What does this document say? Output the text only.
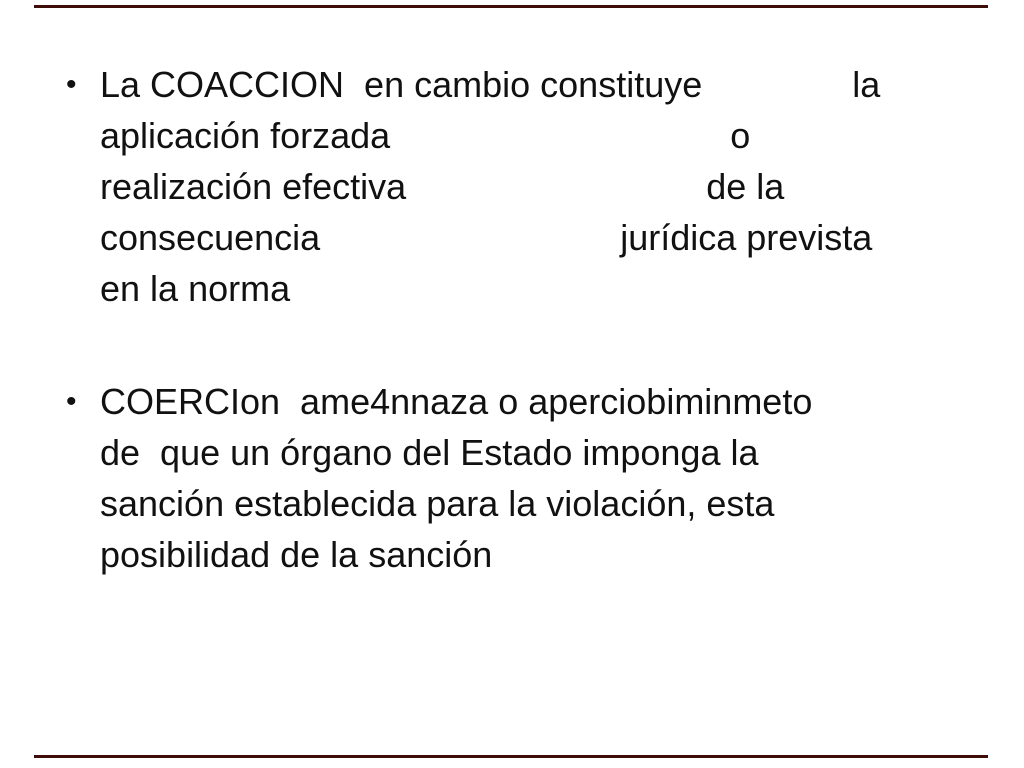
• La COACCION  en cambio constituye               la
aplicación forzada                                  o
realización efectiva                              de la
consecuencia                              jurídica prevista
en la norma
• COERCIon  ame4nnaza o aperciobiminmeto
de  que un órgano del Estado imponga la
sanción establecida para la violación, esta
posibilidad de la sanción
